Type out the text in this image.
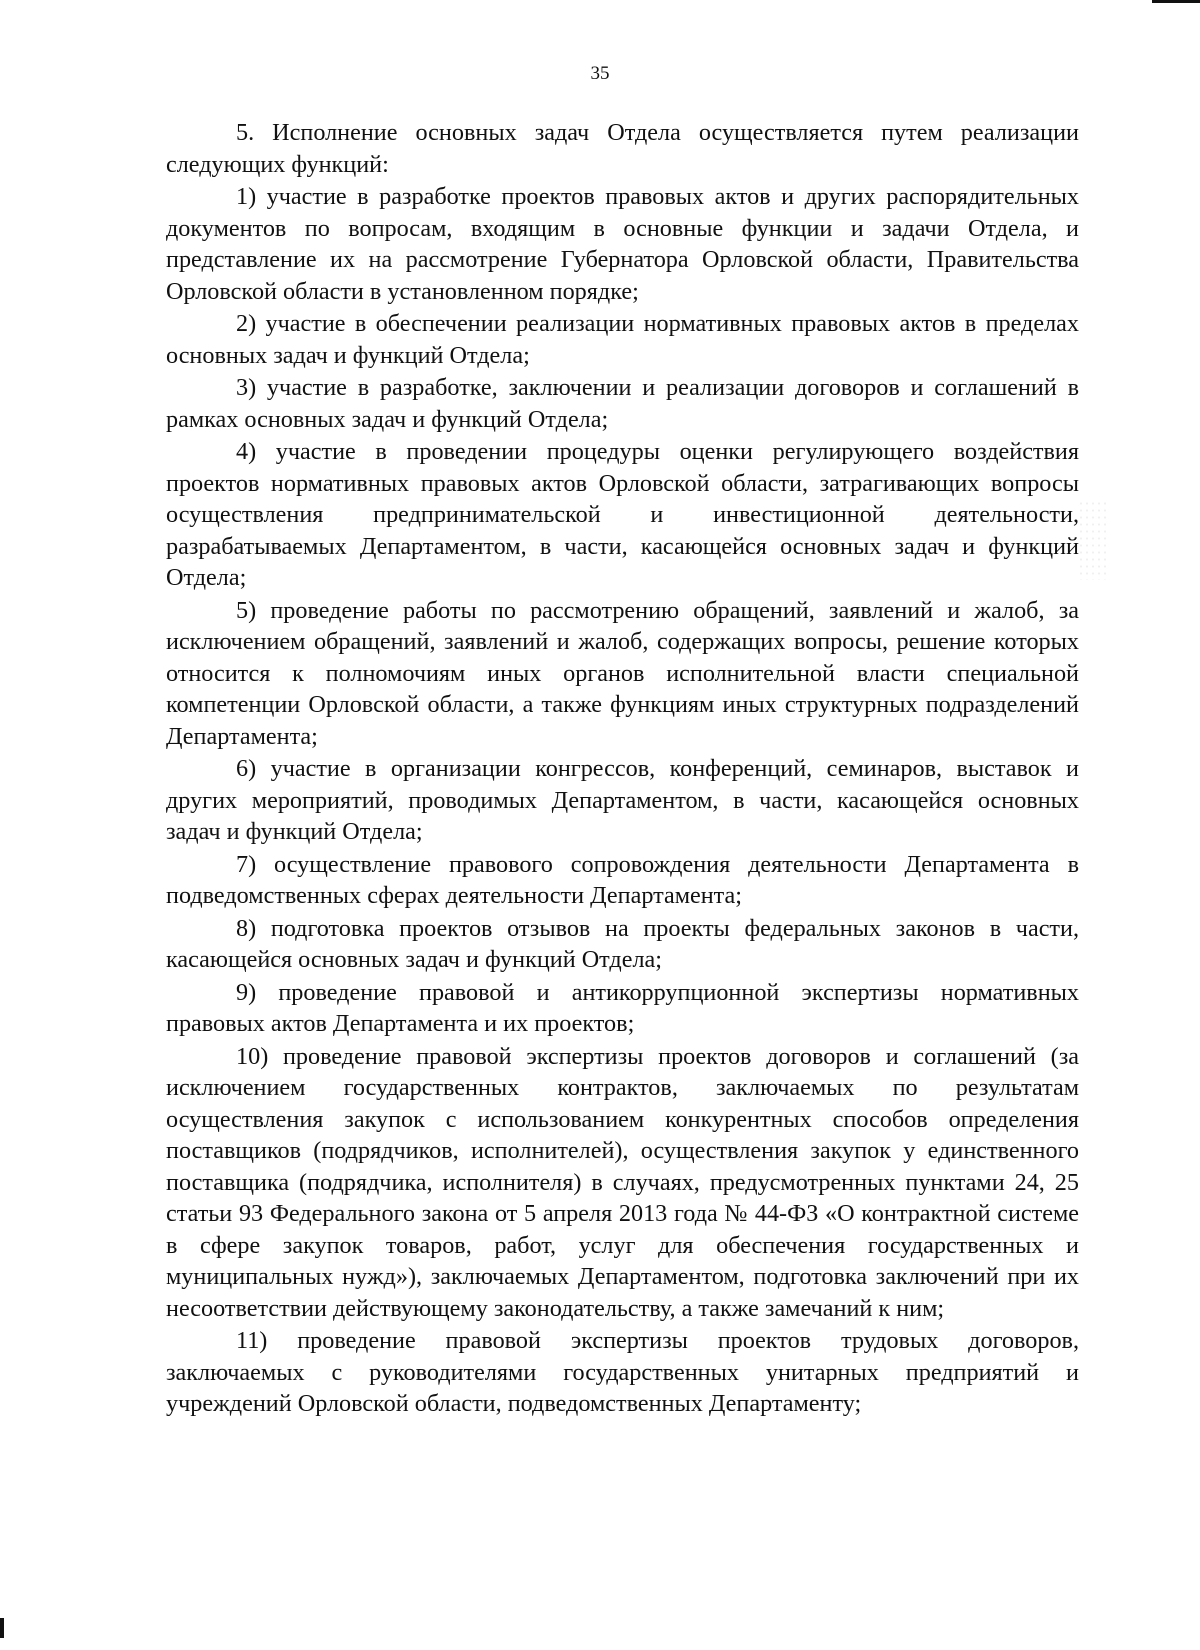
35

5. Исполнение основных задач Отдела осуществляется путем реализации следующих функций:

1) участие в разработке проектов правовых актов и других распорядительных документов по вопросам, входящим в основные функции и задачи Отдела, и представление их на рассмотрение Губернатора Орловской области, Правительства Орловской области в установленном порядке;

2) участие в обеспечении реализации нормативных правовых актов в пределах основных задач и функций Отдела;

3) участие в разработке, заключении и реализации договоров и соглашений в рамках основных задач и функций Отдела;

4) участие в проведении процедуры оценки регулирующего воздействия проектов нормативных правовых актов Орловской области, затрагивающих вопросы осуществления предпринимательской и инвестиционной деятельности, разрабатываемых Департаментом, в части, касающейся основных задач и функций Отдела;

5) проведение работы по рассмотрению обращений, заявлений и жалоб, за исключением обращений, заявлений и жалоб, содержащих вопросы, решение которых относится к полномочиям иных органов исполнительной власти специальной компетенции Орловской области, а также функциям иных структурных подразделений Департамента;

6) участие в организации конгрессов, конференций, семинаров, выставок и других мероприятий, проводимых Департаментом, в части, касающейся основных задач и функций Отдела;

7) осуществление правового сопровождения деятельности Департамента в подведомственных сферах деятельности Департамента;

8) подготовка проектов отзывов на проекты федеральных законов в части, касающейся основных задач и функций Отдела;

9) проведение правовой и антикоррупционной экспертизы нормативных правовых актов Департамента и их проектов;

10) проведение правовой экспертизы проектов договоров и соглашений (за исключением государственных контрактов, заключаемых по результатам осуществления закупок с использованием конкурентных способов определения поставщиков (подрядчиков, исполнителей), осуществления закупок у единственного поставщика (подрядчика, исполнителя) в случаях, предусмотренных пунктами 24, 25 статьи 93 Федерального закона от 5 апреля 2013 года № 44-ФЗ «О контрактной системе в сфере закупок товаров, работ, услуг для обеспечения государственных и муниципальных нужд»), заключаемых Департаментом, подготовка заключений при их несоответствии действующему законодательству, а также замечаний к ним;

11) проведение правовой экспертизы проектов трудовых договоров, заключаемых с руководителями государственных унитарных предприятий и учреждений Орловской области, подведомственных Департаменту;
